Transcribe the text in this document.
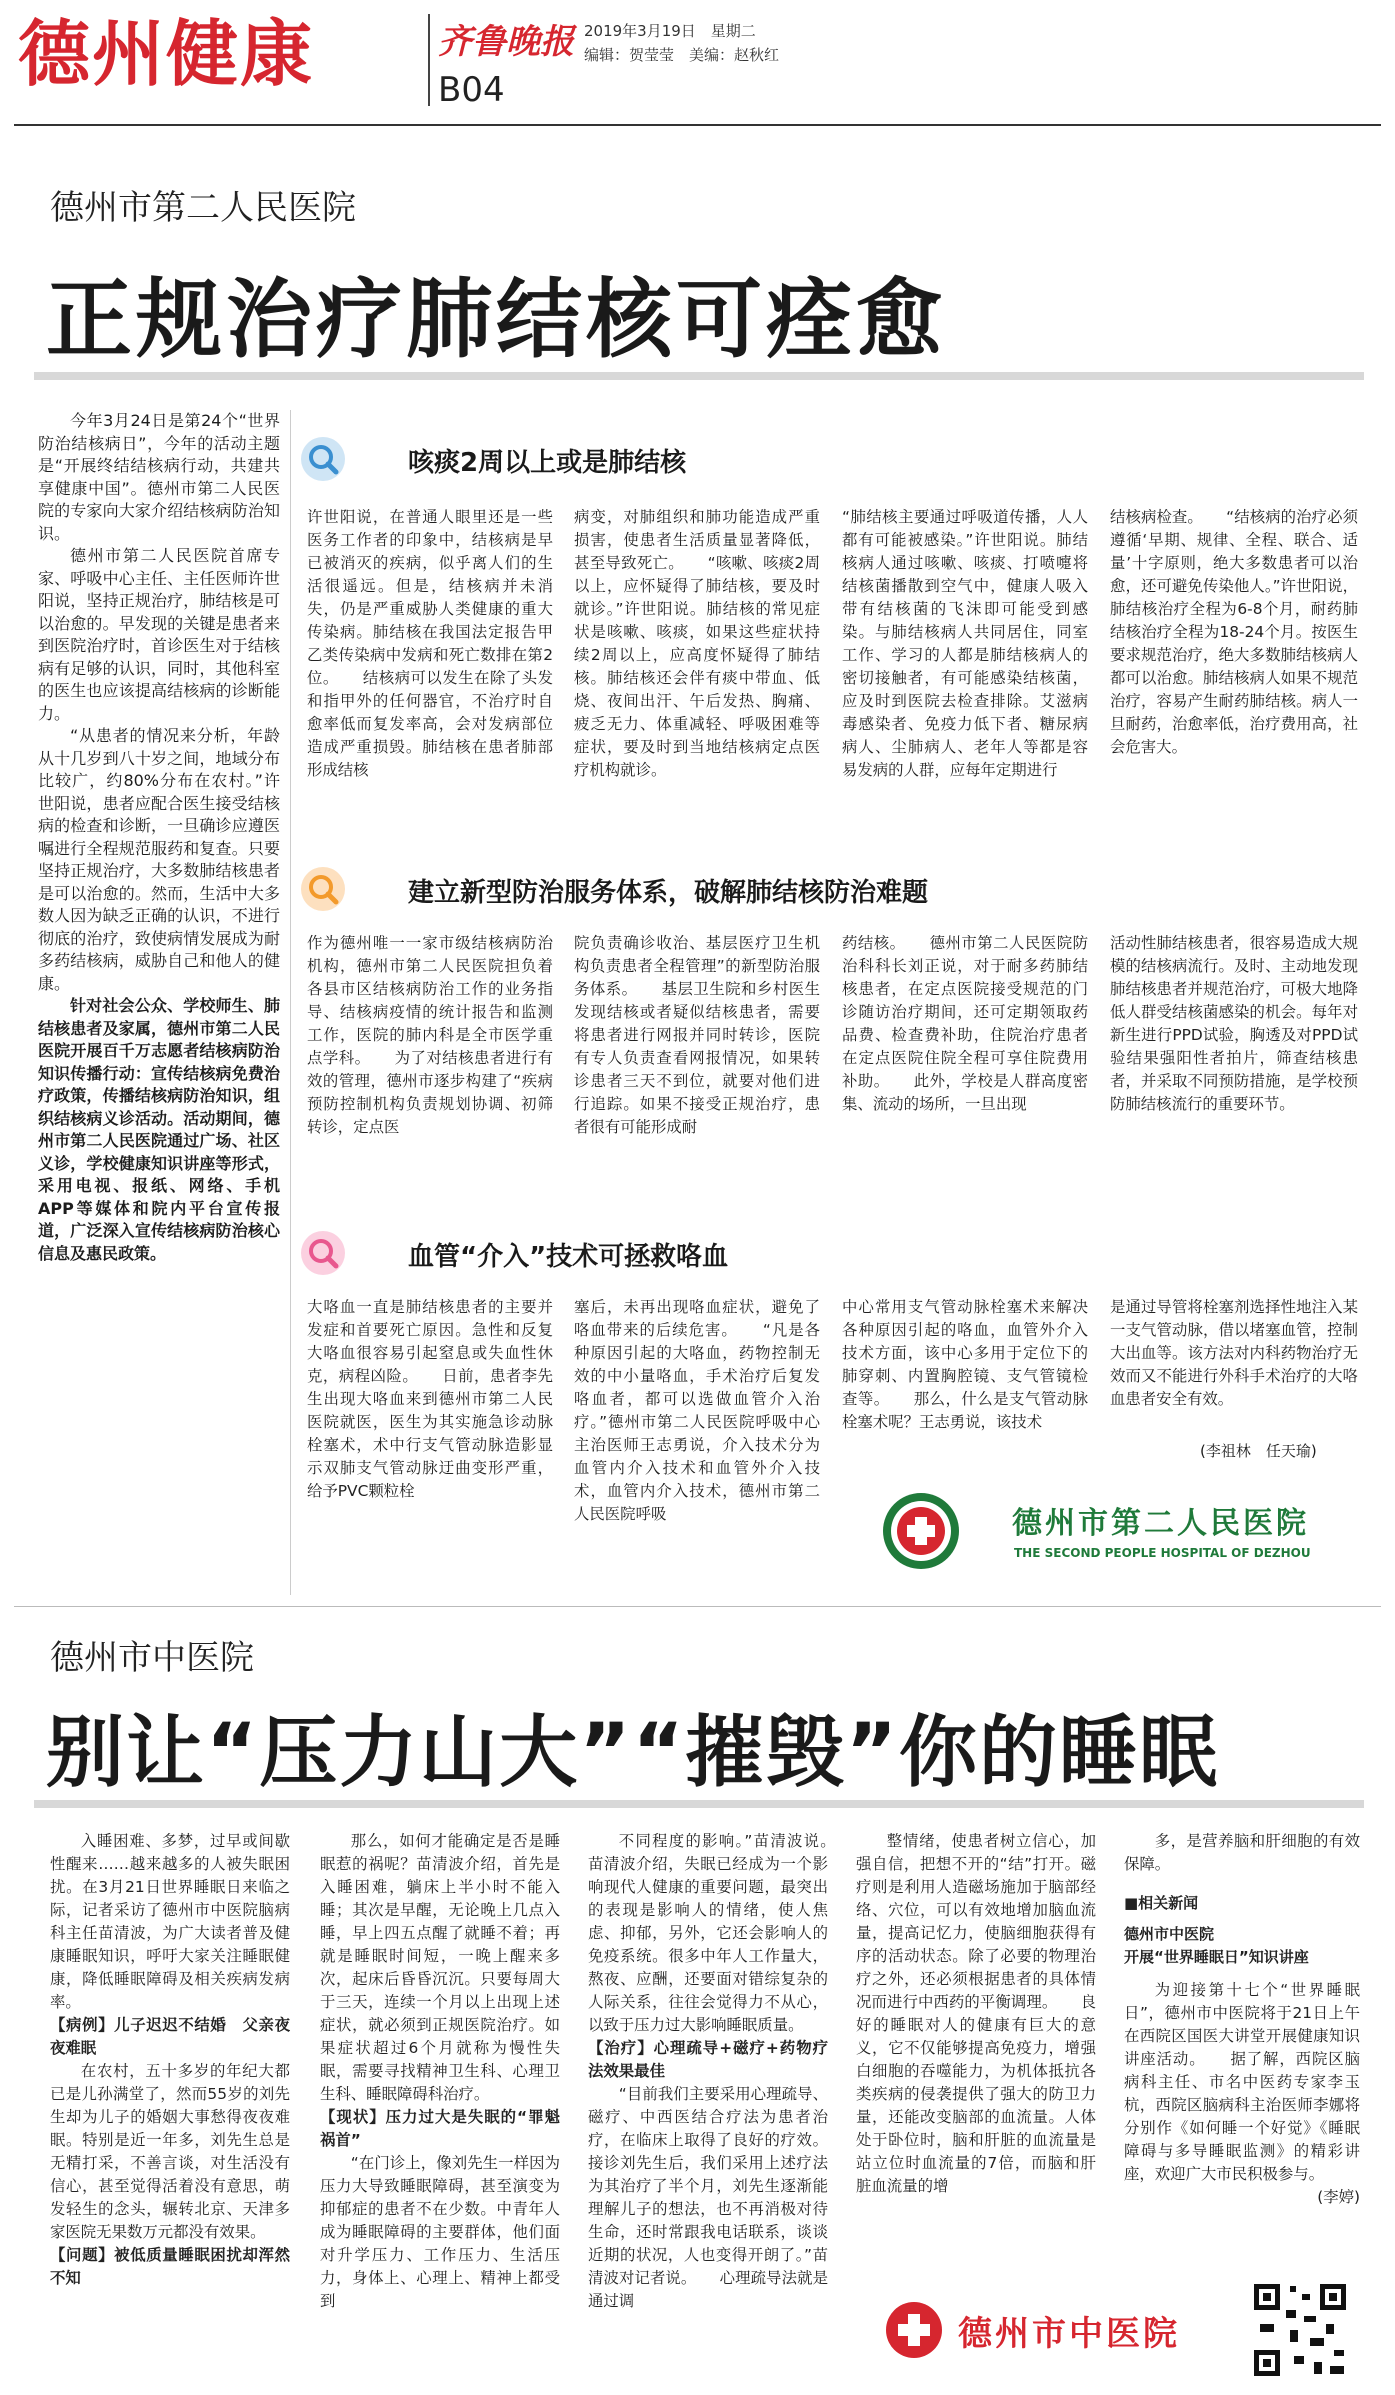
德州健康	齐鲁晚报
B04
2019年3月19日　星期二
编辑：贺莹莹　美编：赵秋红
德州市第二人民医院
正规治疗肺结核可痊愈

今年3月24日是第24个“世界防治结核病日”，今年的活动主题是“开展终结结核病行动，共建共享健康中国”。德州市第二人民医院的专家向大家介绍结核病防治知识。

德州市第二人民医院首席专家、呼吸中心主任、主任医师许世阳说，坚持正规治疗，肺结核是可以治愈的。早发现的关键是患者来到医院治疗时，首诊医生对于结核病有足够的认识，同时，其他科室的医生也应该提高结核病的诊断能力。

“从患者的情况来分析，年龄从十几岁到八十岁之间，地域分布比较广，约80%分布在农村。”许世阳说，患者应配合医生接受结核病的检查和诊断，一旦确诊应遵医嘱进行全程规范服药和复查。只要坚持正规治疗，大多数肺结核患者是可以治愈的。然而，生活中大多数人因为缺乏正确的认识，不进行彻底的治疗，致使病情发展成为耐多药结核病，威胁自己和他人的健康。

针对社会公众、学校师生、肺结核患者及家属，德州市第二人民医院开展百千万志愿者结核病防治知识传播行动：宣传结核病免费治疗政策，传播结核病防治知识，组织结核病义诊活动。活动期间，德州市第二人民医院通过广场、社区义诊，学校健康知识讲座等形式，采用电视、报纸、网络、手机APP等媒体和院内平台宣传报道，广泛深入宣传结核病防治核心信息及惠民政策。

咳痰2周以上或是肺结核
许世阳说，在普通人眼里还是一些医务工作者的印象中，结核病是早已被消灭的疾病，似乎离人们的生活很遥远。但是，结核病并未消失，仍是严重威胁人类健康的重大传染病。肺结核在我国法定报告甲乙类传染病中发病和死亡数排在第2位。　　结核病可以发生在除了头发和指甲外的任何器官，不治疗时自愈率低而复发率高，会对发病部位造成严重损毁。肺结核在患者肺部形成结核
病变，对肺组织和肺功能造成严重损害，使患者生活质量显著降低，甚至导致死亡。　　“咳嗽、咳痰2周以上，应怀疑得了肺结核，要及时就诊。”许世阳说。肺结核的常见症状是咳嗽、咳痰，如果这些症状持续2周以上，应高度怀疑得了肺结核。肺结核还会伴有痰中带血、低烧、夜间出汗、午后发热、胸痛、疲乏无力、体重减轻、呼吸困难等症状，要及时到当地结核病定点医疗机构就诊。
“肺结核主要通过呼吸道传播，人人都有可能被感染。”许世阳说。肺结核病人通过咳嗽、咳痰、打喷嚏将结核菌播散到空气中，健康人吸入带有结核菌的飞沫即可能受到感染。与肺结核病人共同居住，同室工作、学习的人都是肺结核病人的密切接触者，有可能感染结核菌，应及时到医院去检查排除。艾滋病毒感染者、免疫力低下者、糖尿病病人、尘肺病人、老年人等都是容易发病的人群，应每年定期进行
结核病检查。　　“结核病的治疗必须遵循‘早期、规律、全程、联合、适量’十字原则，绝大多数患者可以治愈，还可避免传染他人。”许世阳说，肺结核治疗全程为6-8个月，耐药肺结核治疗全程为18-24个月。按医生要求规范治疗，绝大多数肺结核病人都可以治愈。肺结核病人如果不规范治疗，容易产生耐药肺结核。病人一旦耐药，治愈率低，治疗费用高，社会危害大。
建立新型防治服务体系，破解肺结核防治难题
作为德州唯一一家市级结核病防治机构，德州市第二人民医院担负着各县市区结核病防治工作的业务指导、结核病疫情的统计报告和监测工作，医院的肺内科是全市医学重点学科。　　为了对结核患者进行有效的管理，德州市逐步构建了“疾病预防控制机构负责规划协调、初筛转诊，定点医
院负责确诊收治、基层医疗卫生机构负责患者全程管理”的新型防治服务体系。　　基层卫生院和乡村医生发现结核或者疑似结核患者，需要将患者进行网报并同时转诊，医院有专人负责查看网报情况，如果转诊患者三天不到位，就要对他们进行追踪。如果不接受正规治疗，患者很有可能形成耐
药结核。　　德州市第二人民医院防治科科长刘正说，对于耐多药肺结核患者，在定点医院接受规范的门诊随访治疗期间，还可定期领取药品费、检查费补助，住院治疗患者在定点医院住院全程可享住院费用补助。　　此外，学校是人群高度密集、流动的场所，一旦出现
活动性肺结核患者，很容易造成大规模的结核病流行。及时、主动地发现肺结核患者并规范治疗，可极大地降低人群受结核菌感染的机会。每年对新生进行PPD试验，胸透及对PPD试验结果强阳性者拍片，筛查结核患者，并采取不同预防措施，是学校预防肺结核流行的重要环节。
血管“介入”技术可拯救咯血
大咯血一直是肺结核患者的主要并发症和首要死亡原因。急性和反复大咯血很容易引起窒息或失血性休克，病程凶险。　　日前，患者李先生出现大咯血来到德州市第二人民医院就医，医生为其实施急诊动脉栓塞术，术中行支气管动脉造影显示双肺支气管动脉迂曲变形严重，给予PVC颗粒栓
塞后，未再出现咯血症状，避免了咯血带来的后续危害。　　“凡是各种原因引起的大咯血，药物控制无效的中小量咯血，手术治疗后复发咯血者，都可以选做血管介入治疗。”德州市第二人民医院呼吸中心主治医师王志勇说，介入技术分为血管内介入技术和血管外介入技术，血管内介入技术，德州市第二人民医院呼吸
中心常用支气管动脉栓塞术来解决各种原因引起的咯血，血管外介入技术方面，该中心多用于定位下的肺穿刺、内置胸腔镜、支气管镜检查等。　　那么，什么是支气管动脉栓塞术呢？王志勇说，该技术
是通过导管将栓塞剂选择性地注入某一支气管动脉，借以堵塞血管，控制大出血等。该方法对内科药物治疗无效而又不能进行外科手术治疗的大咯血患者安全有效。
(李祖林　任天瑜)
德州市第二人民医院
THE SECOND PEOPLE HOSPITAL OF DEZHOU
德州市中医院
别让“压力山大”“摧毁”你的睡眠

入睡困难、多梦，过早或间歇性醒来……越来越多的人被失眠困扰。在3月21日世界睡眠日来临之际，记者采访了德州市中医院脑病科主任苗清波，为广大读者普及健康睡眠知识，呼吁大家关注睡眠健康，降低睡眠障碍及相关疾病发病率。

【病例】儿子迟迟不结婚　父亲夜夜难眠

在农村，五十多岁的年纪大都已是儿孙满堂了，然而55岁的刘先生却为儿子的婚姻大事愁得夜夜难眠。特别是近一年多，刘先生总是无精打采，不善言谈，对生活没有信心，甚至觉得活着没有意思，萌发轻生的念头，辗转北京、天津多家医院无果数万元都没有效果。

【问题】被低质量睡眠困扰却浑然不知

那么，如何才能确定是否是睡眠惹的祸呢？苗清波介绍，首先是入睡困难，躺床上半小时不能入睡；其次是早醒，无论晚上几点入睡，早上四五点醒了就睡不着；再就是睡眠时间短，一晚上醒来多次，起床后昏昏沉沉。只要每周大于三天，连续一个月以上出现上述症状，就必须到正规医院治疗。如果症状超过6个月就称为慢性失眠，需要寻找精神卫生科、心理卫生科、睡眠障碍科治疗。

【现状】压力过大是失眠的“罪魁祸首”

“在门诊上，像刘先生一样因为压力大导致睡眠障碍，甚至演变为抑郁症的患者不在少数。中青年人成为睡眠障碍的主要群体，他们面对升学压力、工作压力、生活压力，身体上、心理上、精神上都受到

不同程度的影响。”苗清波说。　　苗清波介绍，失眠已经成为一个影响现代人健康的重要问题，最突出的表现是影响人的情绪，使人焦虑、抑郁，另外，它还会影响人的免疫系统。很多中年人工作量大，熬夜、应酬，还要面对错综复杂的人际关系，往往会觉得力不从心，以致于压力过大影响睡眠质量。

【治疗】心理疏导+磁疗+药物疗法效果最佳

“目前我们主要采用心理疏导、磁疗、中西医结合疗法为患者治疗，在临床上取得了良好的疗效。接诊刘先生后，我们采用上述疗法为其治疗了半个月，刘先生逐渐能理解儿子的想法，也不再消极对待生命，还时常跟我电话联系，谈谈近期的状况，人也变得开朗了。”苗清波对记者说。　　心理疏导法就是通过调

整情绪，使患者树立信心，加强自信，把想不开的“结”打开。磁疗则是利用人造磁场施加于脑部经络、穴位，可以有效地增加脑血流量，提高记忆力，使脑细胞获得有序的活动状态。除了必要的物理治疗之外，还必须根据患者的具体情况而进行中西药的平衡调理。　　良好的睡眠对人的健康有巨大的意义，它不仅能够提高免疫力，增强白细胞的吞噬能力，为机体抵抗各类疾病的侵袭提供了强大的防卫力量，还能改变脑部的血流量。人体处于卧位时，脑和肝脏的血流量是站立位时血流量的7倍，而脑和肝脏血流量的增

多，是营养脑和肝细胞的有效保障。

■相关新闻
德州市中医院
开展“世界睡眠日”知识讲座

为迎接第十七个“世界睡眠日”，德州市中医院将于21日上午在西院区国医大讲堂开展健康知识讲座活动。　　据了解，西院区脑病科主任、市名中医药专家李玉杭，西院区脑病科主治医师李娜将分别作《如何睡一个好觉》《睡眠障碍与多导睡眠监测》的精彩讲座，欢迎广大市民积极参与。

(李婷)
德州市中医院
